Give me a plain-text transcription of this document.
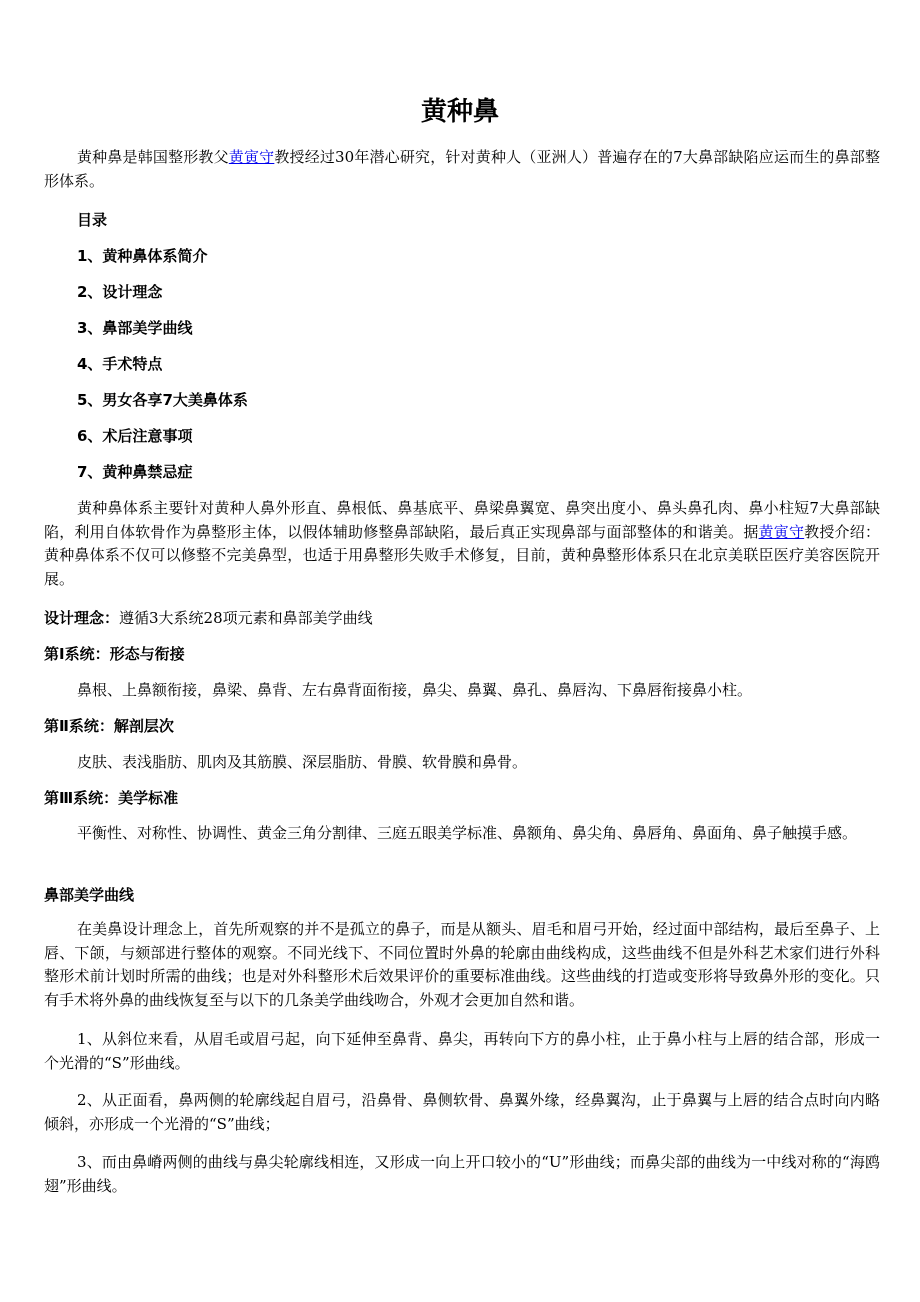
黄种鼻

黄种鼻是韩国整形教父黄寅守教授经过30年潜心研究，针对黄种人（亚洲人）普遍存在的7大鼻部缺陷应运而生的鼻部整形体系。

目录
1、黄种鼻体系简介
2、设计理念
3、鼻部美学曲线
4、手术特点
5、男女各享7大美鼻体系
6、术后注意事项
7、黄种鼻禁忌症

黄种鼻体系主要针对黄种人鼻外形直、鼻根低、鼻基底平、鼻梁鼻翼宽、鼻突出度小、鼻头鼻孔肉、鼻小柱短7大鼻部缺陷，利用自体软骨作为鼻整形主体，以假体辅助修整鼻部缺陷，最后真正实现鼻部与面部整体的和谐美。据黄寅守教授介绍：黄种鼻体系不仅可以修整不完美鼻型，也适于用鼻整形失败手术修复，目前，黄种鼻整形体系只在北京美联臣医疗美容医院开展。

设计理念：遵循3大系统28项元素和鼻部美学曲线
第Ⅰ系统：形态与衔接

鼻根、上鼻额衔接，鼻梁、鼻背、左右鼻背面衔接，鼻尖、鼻翼、鼻孔、鼻唇沟、下鼻唇衔接鼻小柱。

第Ⅱ系统：解剖层次

皮肤、表浅脂肪、肌肉及其筋膜、深层脂肪、骨膜、软骨膜和鼻骨。

第Ⅲ系统：美学标准

平衡性、对称性、协调性、黄金三角分割律、三庭五眼美学标准、鼻额角、鼻尖角、鼻唇角、鼻面角、鼻子触摸手感。

鼻部美学曲线

在美鼻设计理念上，首先所观察的并不是孤立的鼻子，而是从额头、眉毛和眉弓开始，经过面中部结构，最后至鼻子、上唇、下颌，与颏部进行整体的观察。不同光线下、不同位置时外鼻的轮廓由曲线构成，这些曲线不但是外科艺术家们进行外科整形术前计划时所需的曲线；也是对外科整形术后效果评价的重要标准曲线。这些曲线的打造或变形将导致鼻外形的变化。只有手术将外鼻的曲线恢复至与以下的几条美学曲线吻合，外观才会更加自然和谐。

1、从斜位来看，从眉毛或眉弓起，向下延伸至鼻背、鼻尖，再转向下方的鼻小柱，止于鼻小柱与上唇的结合部，形成一个光滑的“S”形曲线。

2、从正面看，鼻两侧的轮廓线起自眉弓，沿鼻骨、鼻侧软骨、鼻翼外缘，经鼻翼沟，止于鼻翼与上唇的结合点时向内略倾斜，亦形成一个光滑的“S”曲线；

3、而由鼻嵴两侧的曲线与鼻尖轮廓线相连，又形成一向上开口较小的“U”形曲线；而鼻尖部的曲线为一中线对称的“海鸥翅”形曲线。
